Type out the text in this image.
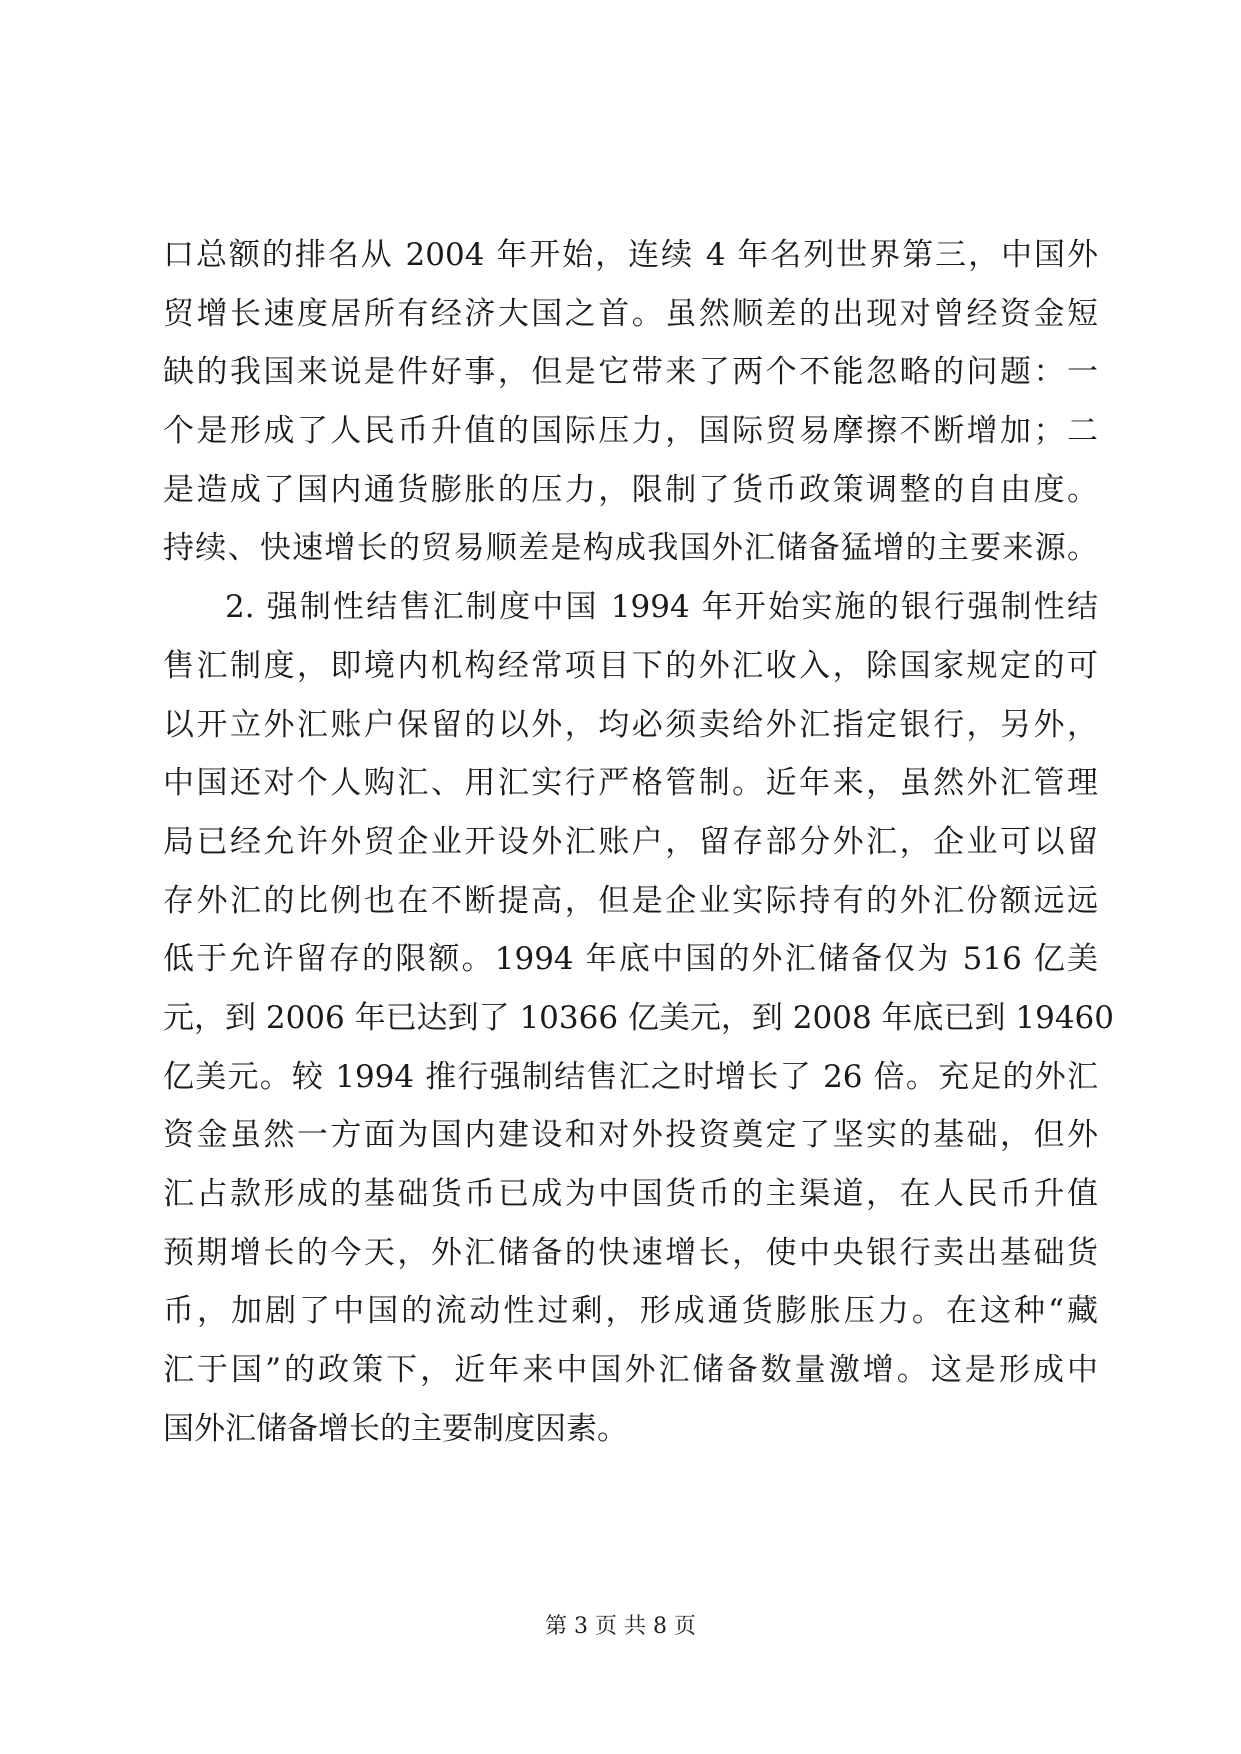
口总额的排名从 2004 年开始，连续 4 年名列世界第三，中国外
贸增长速度居所有经济大国之首。虽然顺差的出现对曾经资金短
缺的我国来说是件好事，但是它带来了两个不能忽略的问题：一
个是形成了人民币升值的国际压力，国际贸易摩擦不断增加；二
是造成了国内通货膨胀的压力，限制了货币政策调整的自由度。
持续、快速增长的贸易顺差是构成我国外汇储备猛增的主要来源。
2. 强制性结售汇制度中国 1994 年开始实施的银行强制性结
售汇制度，即境内机构经常项目下的外汇收入，除国家规定的可
以开立外汇账户保留的以外，均必须卖给外汇指定银行，另外，
中国还对个人购汇、用汇实行严格管制。近年来，虽然外汇管理
局已经允许外贸企业开设外汇账户，留存部分外汇，企业可以留
存外汇的比例也在不断提高，但是企业实际持有的外汇份额远远
低于允许留存的限额。1994 年底中国的外汇储备仅为 516 亿美
元，到 2006 年已达到了 10366 亿美元，到 2008 年底已到 19460
亿美元。较 1994 推行强制结售汇之时增长了 26 倍。充足的外汇
资金虽然一方面为国内建设和对外投资奠定了坚实的基础，但外
汇占款形成的基础货币已成为中国货币的主渠道，在人民币升值
预期增长的今天，外汇储备的快速增长，使中央银行卖出基础货
币，加剧了中国的流动性过剩，形成通货膨胀压力。在这种“藏
汇于国”的政策下，近年来中国外汇储备数量激增。这是形成中
国外汇储备增长的主要制度因素。
第 3 页 共 8 页
